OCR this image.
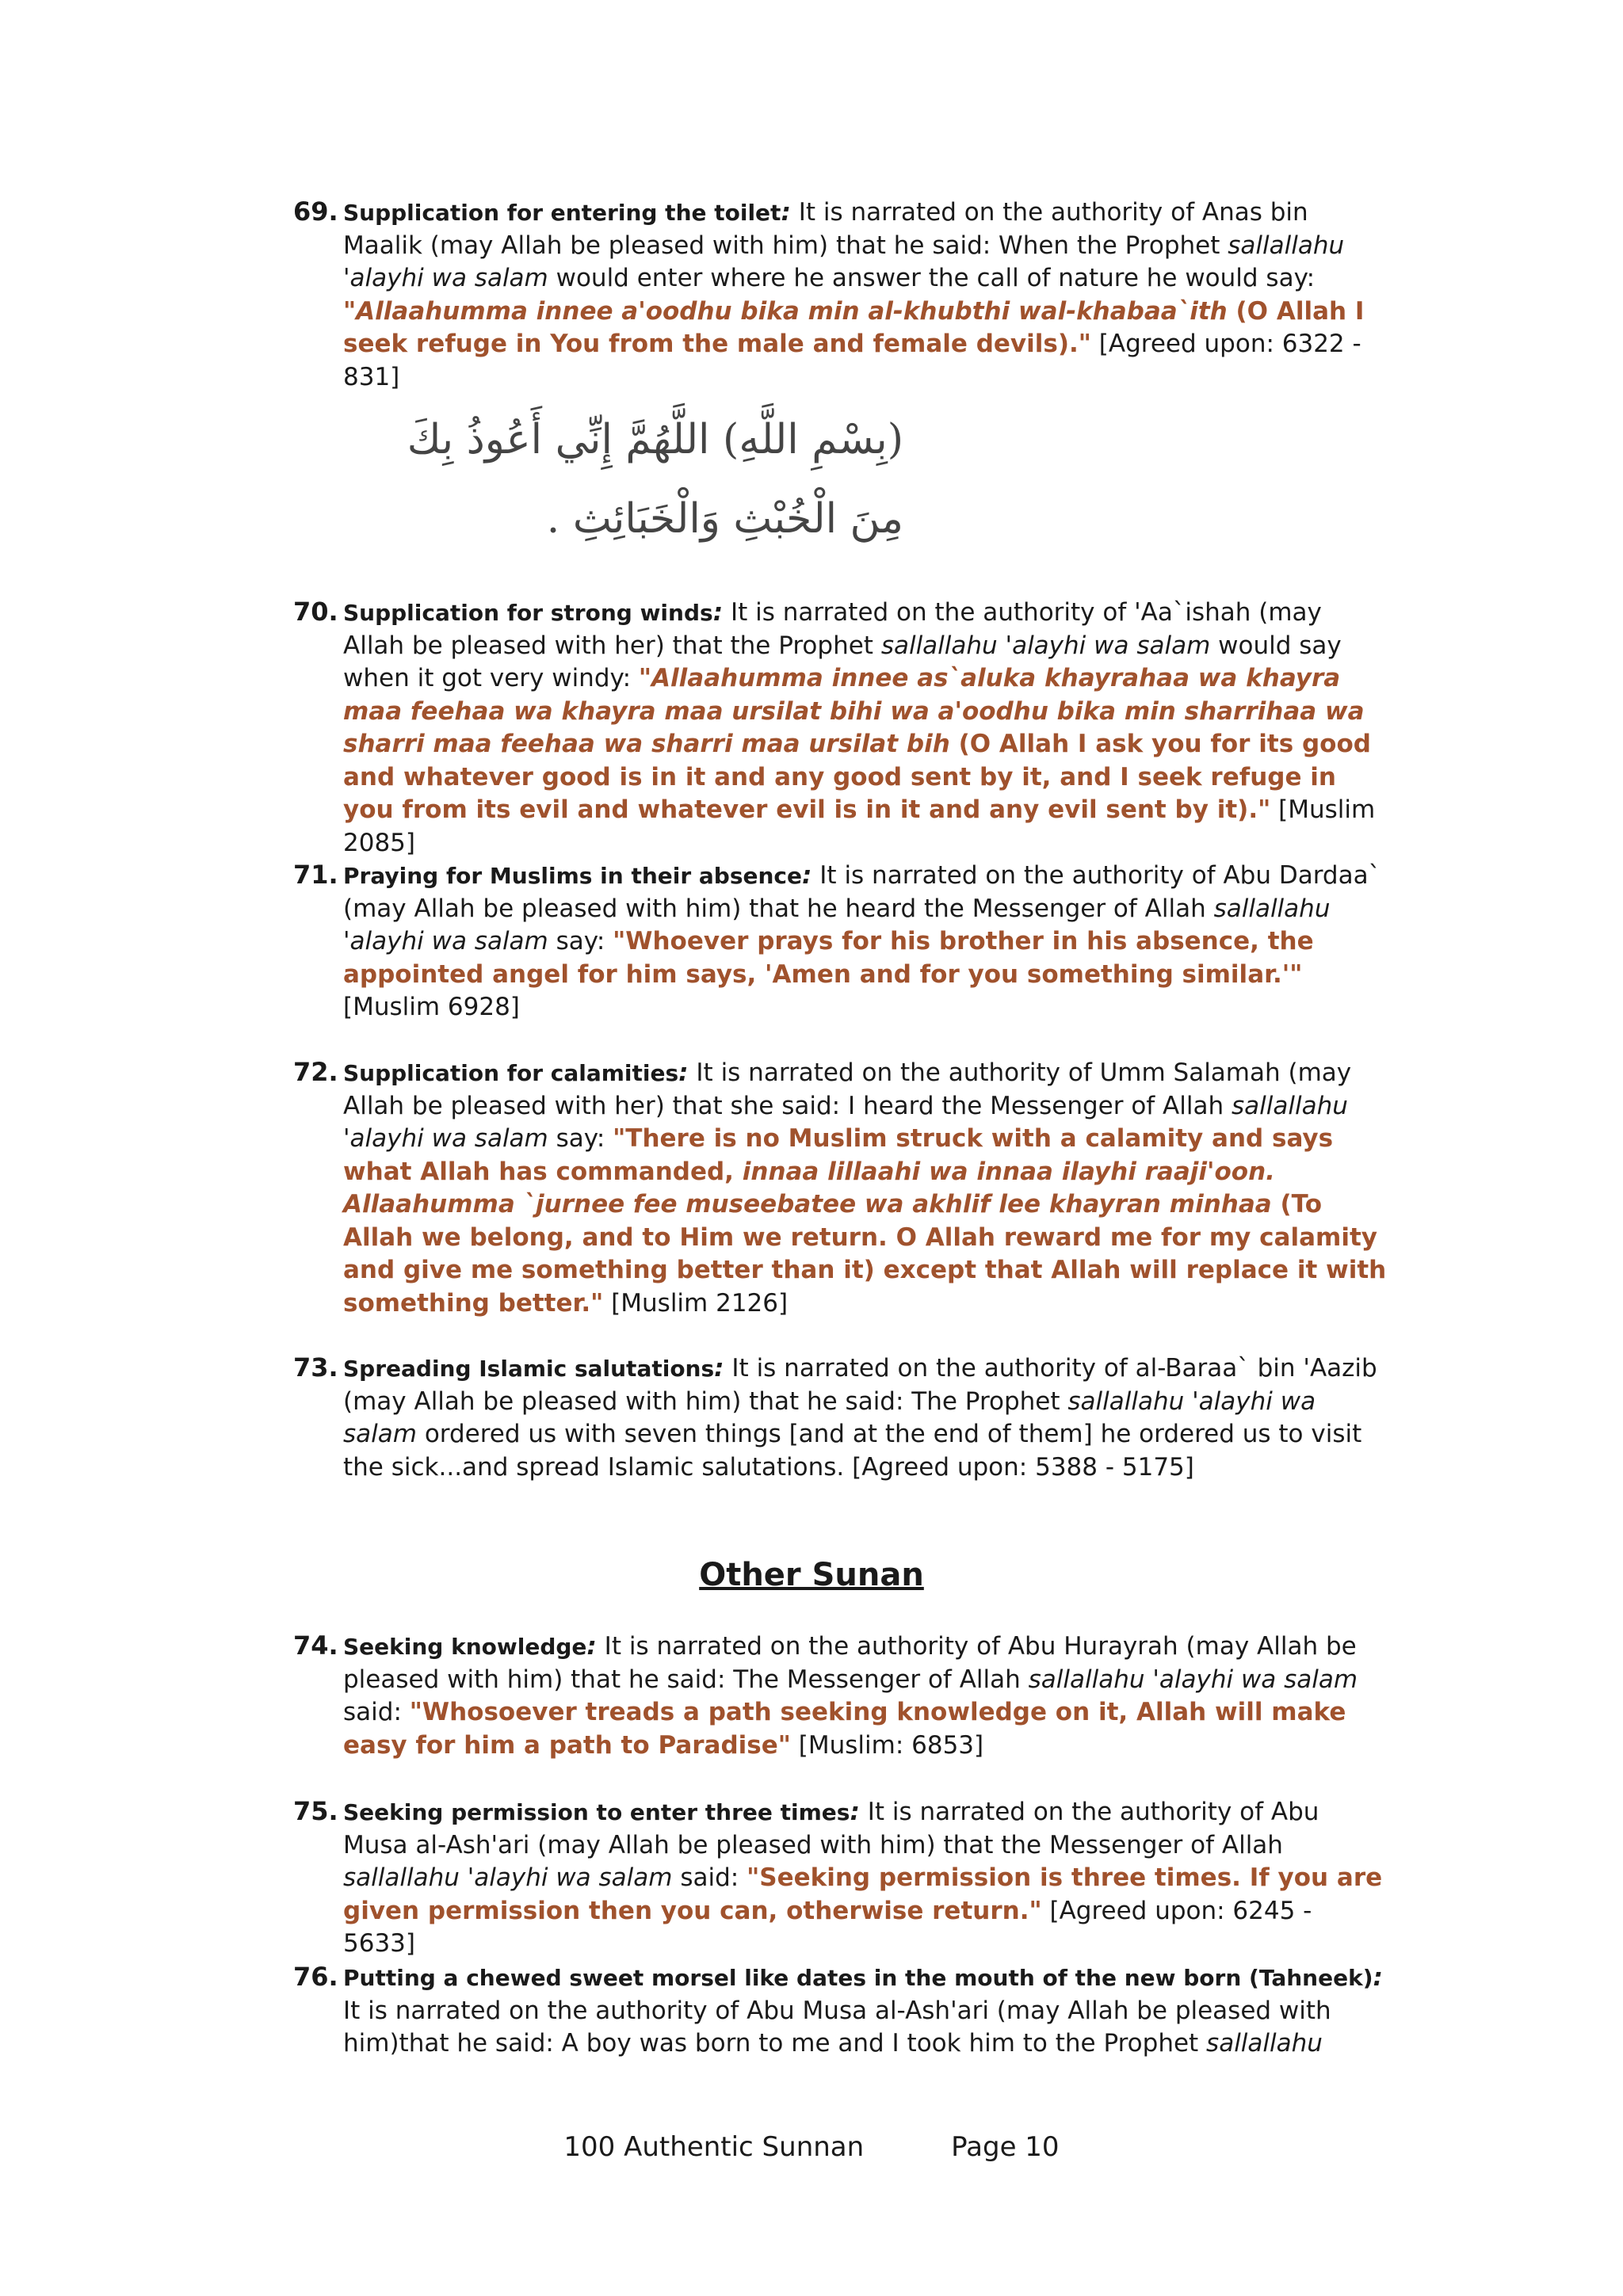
69. Supplication for entering the toilet: It is narrated on the authority of Anas bin Maalik (may Allah be pleased with him) that he said: When the Prophet sallallahu 'alayhi wa salam would enter where he answer the call of nature he would say: "Allaahumma innee a'oodhu bika min al-khubthi wal-khabaa`ith (O Allah I seek refuge in You from the male and female devils)." [Agreed upon: 6322 - 831]
(بِسْمِ اللَّهِ) اللَّهُمَّ إِنِّي أَعُوذُ بِكَ مِنَ الْخُبْثِ وَالْخَبَائِثِ .
70. Supplication for strong winds: It is narrated on the authority of 'Aa`ishah (may Allah be pleased with her) that the Prophet sallallahu 'alayhi wa salam would say when it got very windy: "Allaahumma innee as`aluka khayrahaa wa khayra maa feehaa wa khayra maa ursilat bihi wa a'oodhu bika min sharrihaa wa sharri maa feehaa wa sharri maa ursilat bih (O Allah I ask you for its good and whatever good is in it and any good sent by it, and I seek refuge in you from its evil and whatever evil is in it and any evil sent by it)." [Muslim 2085]
71. Praying for Muslims in their absence: It is narrated on the authority of Abu Dardaa` (may Allah be pleased with him) that he heard the Messenger of Allah sallallahu 'alayhi wa salam say: "Whoever prays for his brother in his absence, the appointed angel for him says, 'Amen and for you something similar.'" [Muslim 6928]
72. Supplication for calamities: It is narrated on the authority of Umm Salamah (may Allah be pleased with her) that she said: I heard the Messenger of Allah sallallahu 'alayhi wa salam say: "There is no Muslim struck with a calamity and says what Allah has commanded, innaa lillaahi wa innaa ilayhi raaji'oon. Allaahumma `jurnee fee museebatee wa akhlif lee khayran minhaa (To Allah we belong, and to Him we return. O Allah reward me for my calamity and give me something better than it) except that Allah will replace it with something better." [Muslim 2126]
73. Spreading Islamic salutations: It is narrated on the authority of al-Baraa` bin 'Aazib (may Allah be pleased with him) that he said: The Prophet sallallahu 'alayhi wa salam ordered us with seven things [and at the end of them] he ordered us to visit the sick...and spread Islamic salutations. [Agreed upon: 5388 - 5175]
Other Sunan
74. Seeking knowledge: It is narrated on the authority of Abu Hurayrah (may Allah be pleased with him) that he said: The Messenger of Allah sallallahu 'alayhi wa salam said: "Whosoever treads a path seeking knowledge on it, Allah will make easy for him a path to Paradise" [Muslim: 6853]
75. Seeking permission to enter three times: It is narrated on the authority of Abu Musa al-Ash'ari (may Allah be pleased with him) that the Messenger of Allah sallallahu 'alayhi wa salam said: "Seeking permission is three times. If you are given permission then you can, otherwise return." [Agreed upon: 6245 - 5633]
76. Putting a chewed sweet morsel like dates in the mouth of the new born (Tahneek): It is narrated on the authority of Abu Musa al-Ash'ari (may Allah be pleased with him)that he said: A boy was born to me and I took him to the Prophet sallallahu
100 Authentic Sunnan	Page 10
